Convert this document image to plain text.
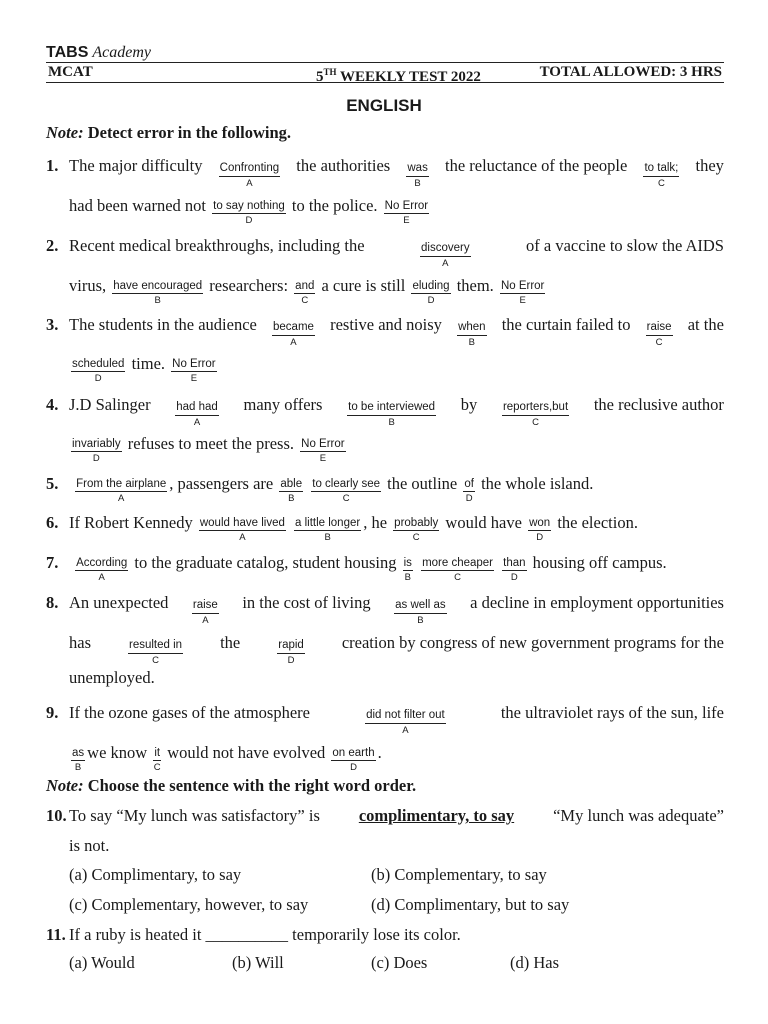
TABS Academy
MCAT	5TH WEEKLY TEST 2022	TOTAL ALLOWED: 3 HRS
ENGLISH
Note: Detect error in the following.
1. The major difficulty Confronting
A
the authorities was
B
the reluctance of the people to talk;
C
they
had been warned not to say nothing
D
to the police. No Error
E
2. Recent medical breakthroughs, including the	discovery
A
of a vaccine to slow the AIDS
virus, have encouraged
B
researchers: and
C
a cure is still eluding
D
them. No Error
E
3. The students in the audience became
A
restive and noisy when
B
the curtain failed to raise
C
at the
scheduled
D
time. No Error
E
4. J.D Salinger had had
A
many offers to be interviewed
B
by reporters,but
C
the reclusive author
invariably
D
refuses to meet the press. No Error
E
5. From the airplane
A
, passengers are able
B

to clearly see
C
the outline of
D
the whole island.
6. If Robert Kennedy would have lived
A

a little longer
B
, he probably
C
would have won
D
the election.
7. According
A
to the graduate catalog, student housing is
B

more cheaper
C

than
D
housing off campus.
8. An unexpected raise
A
in the cost of living as well as
B
a decline in employment opportunities
has	resulted in
C
the	rapid
D
creation by congress of new government programs for the
unemployed.
9. If the ozone gases of the atmosphere	did not filter out
A
the ultraviolet rays of the sun, life
as
B
we know it
C
would not have evolved on earth
D
.
Note: Choose the sentence with the right word order.
10. To say “My lunch was satisfactory” is complimentary, to say “My lunch was adequate”
is not.
(a) Complimentary, to say	(b) Complementary, to say
(c) Complementary, however, to say	(d) Complimentary, but to say
11. If a ruby is heated it __________ temporarily lose its color.
(a) Would	(b) Will	(c) Does	(d) Has
